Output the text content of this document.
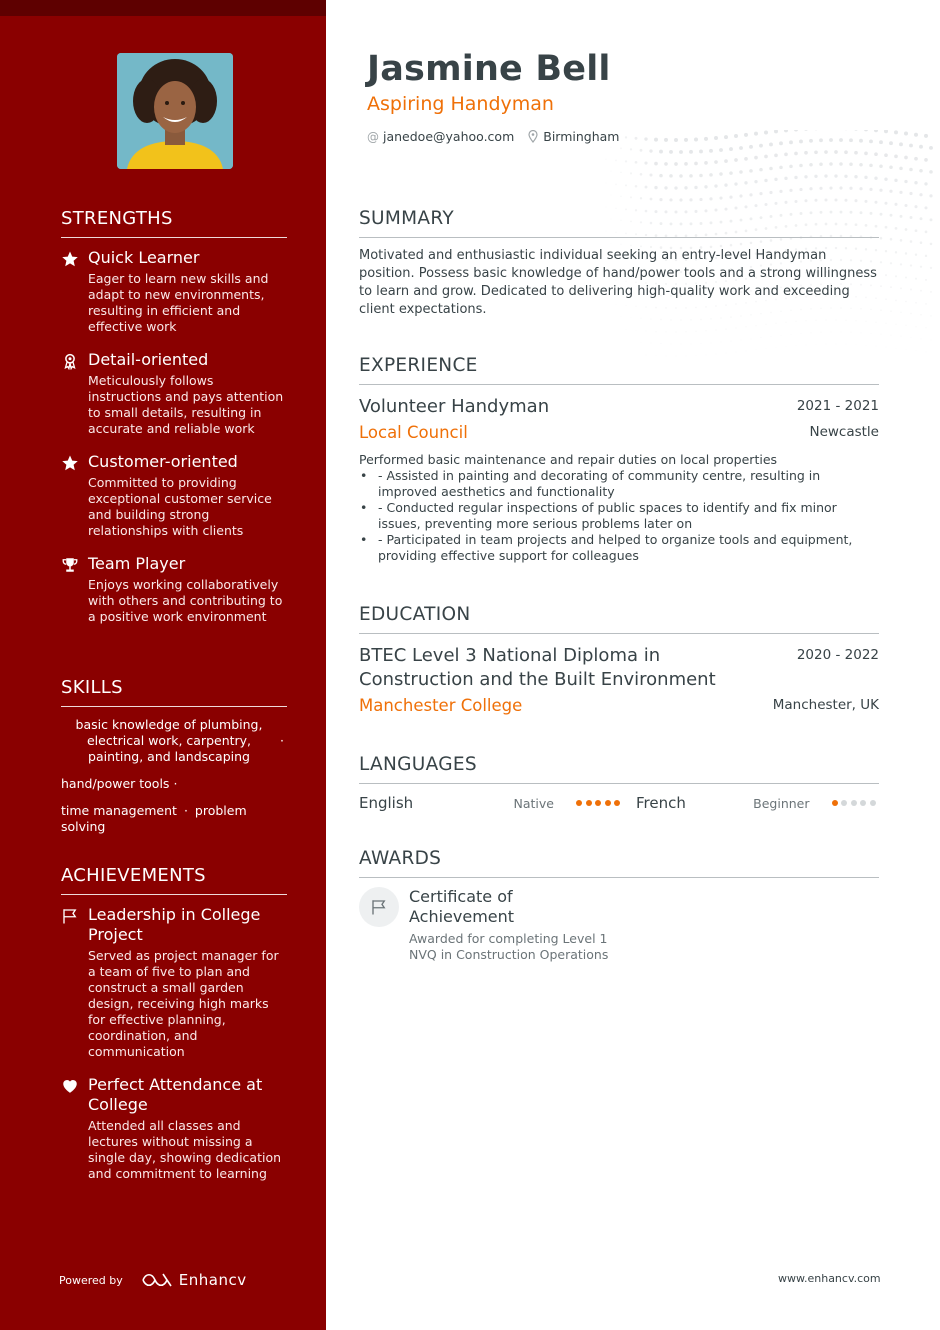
STRENGTHS
Quick Learner
Eager to learn new skills and adapt to new environments, resulting in efficient and effective work
Detail-oriented
Meticulously follows instructions and pays attention to small details, resulting in accurate and reliable work
Customer-oriented
Committed to providing exceptional customer service and building strong relationships with clients
Team Player
Enjoys working collaboratively with others and contributing to a positive work environment
SKILLS
basic knowledge of plumbing, electrical work, carpentry, painting, and landscaping
·
hand/power tools ·
time management · problem solving
ACHIEVEMENTS
Leadership in College Project
Served as project manager for a team of five to plan and construct a small garden design, receiving high marks for effective planning, coordination, and communication
Perfect Attendance at College
Attended all classes and lectures without missing a single day, showing dedication and commitment to learning
Powered by	Enhancv
Jasmine Bell
Aspiring Handyman
@ janedoe@yahoo.com Birmingham
SUMMARY
Motivated and enthusiastic individual seeking an entry-level Handyman position. Possess basic knowledge of hand/power tools and a strong willingness to learn and grow. Dedicated to delivering high-quality work and exceeding client expectations.
EXPERIENCE
Volunteer Handyman	2021 - 2021
Local Council	Newcastle
Performed basic maintenance and repair duties on local properties
• - Assisted in painting and decorating of community centre, resulting in improved aesthetics and functionality
• - Conducted regular inspections of public spaces to identify and fix minor issues, preventing more serious problems later on
• - Participated in team projects and helped to organize tools and equipment, providing effective support for colleagues
EDUCATION
BTEC Level 3 National Diploma in Construction and the Built Environment
2020 - 2022
Manchester College	Manchester, UK
LANGUAGES
English	Native	French	Beginner
AWARDS
Certificate of Achievement
Awarded for completing Level 1 NVQ in Construction Operations
www.enhancv.com
